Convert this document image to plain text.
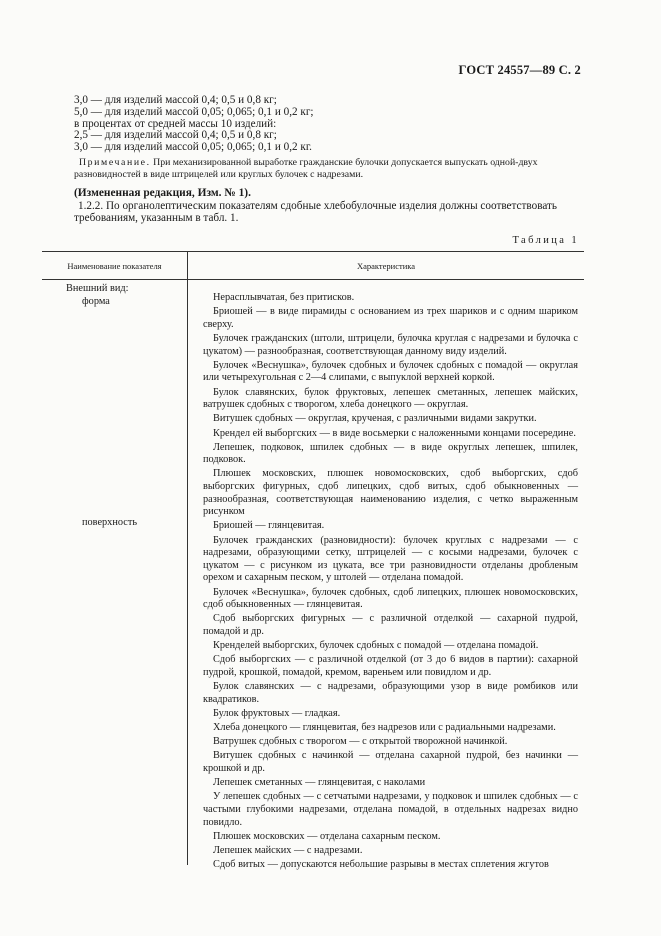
ГОСТ 24557—89 С. 2
3,0 — для изделий массой 0,4; 0,5 и 0,8 кг;
5,0 — для изделий массой 0,05; 0,065; 0,1 и 0,2 кг;
в процентах от средней массы 10 изделий:
2,5 — для изделий массой 0,4; 0,5 и 0,8 кг;
3,0 — для изделий массой 0,05; 0,065; 0,1 и 0,2 кг.
Примечание. При механизированной выработке гражданские булочки допускается выпускать одной-двух разновидностей в виде штрицелей или круглых булочек с надрезами.
(Измененная редакция, Изм. № 1).
1.2.2. По органолептическим показателям сдобные хлебобулочные изделия должны соответствовать требованиям, указанным в табл. 1.
Таблица 1
Наименование показателя	Характеристика
Внешний вид:
форма
поверхность

Нерасплывчатая, без притисков.

Бриошей — в виде пирамиды с основанием из трех шариков и с одним шариком сверху.

Булочек гражданских (штоли, штрицели, булочка круглая с надрезами и булочка с цукатом) — разнообразная, соответствующая данному виду изделий.

Булочек «Веснушка», булочек сдобных и булочек сдобных с помадой — округлая или четырехугольная с 2—4 слипами, с выпуклой верхней коркой.

Булок славянских, булок фруктовых, лепешек сметанных, лепешек майских, ватрушек сдобных с творогом, хлеба донецкого — округлая.

Витушек сдобных — округлая, крученая, с различными видами закрутки.

Крендел ей выборгских — в виде восьмерки с наложенными концами посередине.

Лепешек, подковок, шпилек сдобных — в виде округлых лепешек, шпилек, подковок.

Плюшек московских, плюшек новомосковских, сдоб выборгских, сдоб выборгских фигурных, сдоб липецких, сдоб витых, сдоб обыкновенных — разнообразная, соответствующая наименованию изделия, с четко выраженным рисунком

Бриошей — глянцевитая.

Булочек гражданских (разновидности): булочек круглых с надрезами — с надрезами, образующими сетку, штрицелей — с косыми надрезами, булочек с цукатом — с рисунком из цуката, все три разновидности отделаны дробленым орехом и сахарным песком, у штолей — отделана помадой.

Булочек «Веснушка», булочек сдобных, сдоб липецких, плюшек новомосковских, сдоб обыкновенных — глянцевитая.

Сдоб выборгских фигурных — с различной отделкой — сахарной пудрой, помадой и др.

Кренделей выборгских, булочек сдобных с помадой — отделана помадой.

Сдоб выборгских — с различной отделкой (от 3 до 6 видов в партии): сахарной пудрой, крошкой, помадой, кремом, вареньем или повидлом и др.

Булок славянских — с надрезами, образующими узор в виде ромбиков или квадратиков.

Булок фруктовых — гладкая.

Хлеба донецкого — глянцевитая, без надрезов или с радиальными надрезами.

Ватрушек сдобных с творогом — с открытой творожной начинкой.

Витушек сдобных с начинкой — отделана сахарной пудрой, без начинки — крошкой и др.

Лепешек сметанных — глянцевитая, с наколами

У лепешек сдобных — с сетчатыми надрезами, у подковок и шпилек сдобных — с частыми глубокими надрезами, отделана помадой, в отдельных надрезах видно повидло.

Плюшек московских — отделана сахарным песком.

Лепешек майских — с надрезами.

Сдоб витых — допускаются небольшие разрывы в местах сплетения жгутов
